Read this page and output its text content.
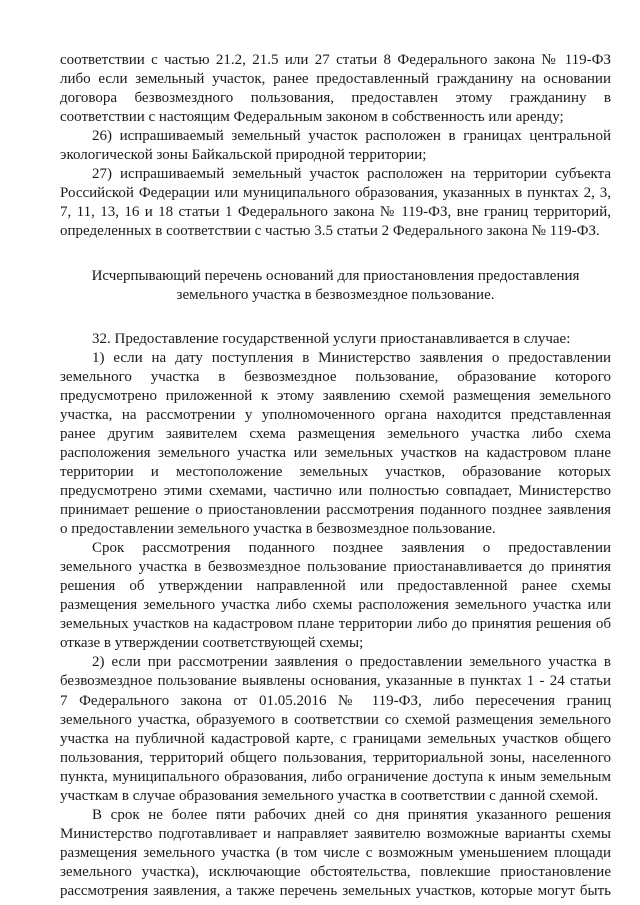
соответствии с частью 21.2, 21.5 или 27 статьи 8 Федерального закона № 119-ФЗ
либо если земельный участок, ранее предоставленный гражданину на основании
договора безвозмездного пользования, предоставлен этому гражданину в
соответствии с настоящим Федеральным законом в собственность или аренду;
26) испрашиваемый земельный участок расположен в границах центральной
экологической зоны Байкальской природной территории;
27) испрашиваемый земельный участок расположен на территории субъекта
Российской Федерации или муниципального образования, указанных в пунктах 2, 3,
7, 11, 13, 16 и 18 статьи 1 Федерального закона № 119-ФЗ, вне границ территорий,
определенных в соответствии с частью 3.5 статьи 2 Федерального закона № 119-ФЗ.
Исчерпывающий перечень оснований для приостановления предоставления
земельного участка в безвозмездное пользование.
32. Предоставление государственной услуги приостанавливается в случае:
1) если на дату поступления в Министерство заявления о предоставлении
земельного участка в безвозмездное пользование, образование которого
предусмотрено приложенной к этому заявлению схемой размещения земельного
участка, на рассмотрении у уполномоченного органа находится представленная
ранее другим заявителем схема размещения земельного участка либо схема
расположения земельного участка или земельных участков на кадастровом плане
территории и местоположение земельных участков, образование которых
предусмотрено этими схемами, частично или полностью совпадает, Министерство
принимает решение о приостановлении рассмотрения поданного позднее заявления
о предоставлении земельного участка в безвозмездное пользование.
Срок рассмотрения поданного позднее заявления о предоставлении
земельного участка в безвозмездное пользование приостанавливается до принятия
решения об утверждении направленной или предоставленной ранее схемы
размещения земельного участка либо схемы расположения земельного участка или
земельных участков на кадастровом плане территории либо до принятия решения об
отказе в утверждении соответствующей схемы;
2) если при рассмотрении заявления о предоставлении земельного участка в
безвозмездное пользование выявлены основания, указанные в пунктах 1 - 24 статьи
7 Федерального закона от 01.05.2016 № 119-ФЗ, либо пересечения границ
земельного участка, образуемого в соответствии со схемой размещения земельного
участка на публичной кадастровой карте, с границами земельных участков общего
пользования, территорий общего пользования, территориальной зоны, населенного
пункта, муниципального образования, либо ограничение доступа к иным земельным
участкам в случае образования земельного участка в соответствии с данной схемой.
В срок не более пяти рабочих дней со дня принятия указанного решения
Министерство подготавливает и направляет заявителю возможные варианты схемы
размещения земельного участка (в том числе с возможным уменьшением площади
земельного участка), исключающие обстоятельства, повлекшие приостановление
рассмотрения заявления, а также перечень земельных участков, которые могут быть
